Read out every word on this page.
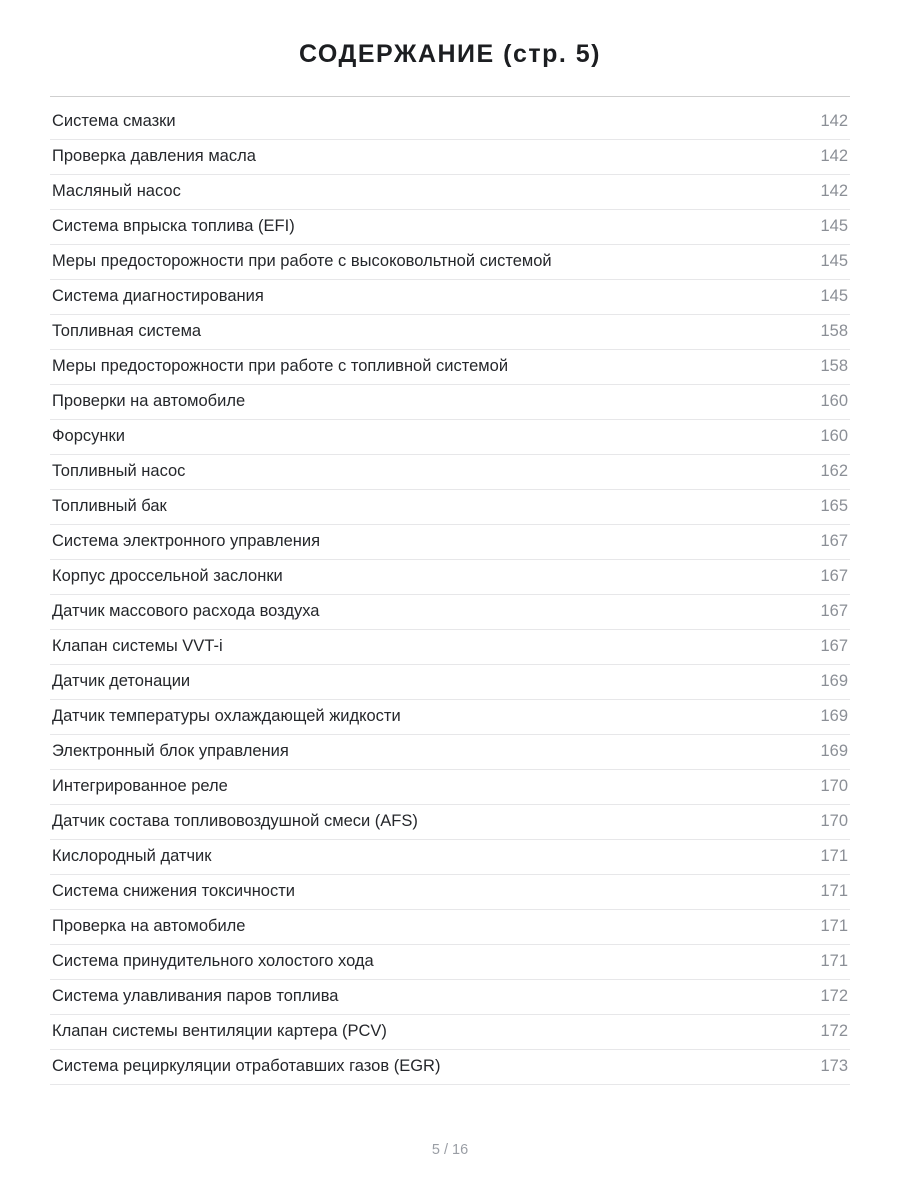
СОДЕРЖАНИЕ (стр. 5)
Система смазки	142
Проверка давления масла	142
Масляный насос	142
Система впрыска топлива (EFI)	145
Меры предосторожности при работе с высоковольтной системой	145
Система диагностирования	145
Топливная система	158
Меры предосторожности при работе с топливной системой	158
Проверки на автомобиле	160
Форсунки	160
Топливный насос	162
Топливный бак	165
Система электронного управления	167
Корпус дроссельной заслонки	167
Датчик массового расхода воздуха	167
Клапан системы VVT-i	167
Датчик детонации	169
Датчик температуры охлаждающей жидкости	169
Электронный блок управления	169
Интегрированное реле	170
Датчик состава топливовоздушной смеси (AFS)	170
Кислородный датчик	171
Система снижения токсичности	171
Проверка на автомобиле	171
Система принудительного холостого хода	171
Система улавливания паров топлива	172
Клапан системы вентиляции картера (PCV)	172
Система рециркуляции отработавших газов (EGR)	173
5 / 16
